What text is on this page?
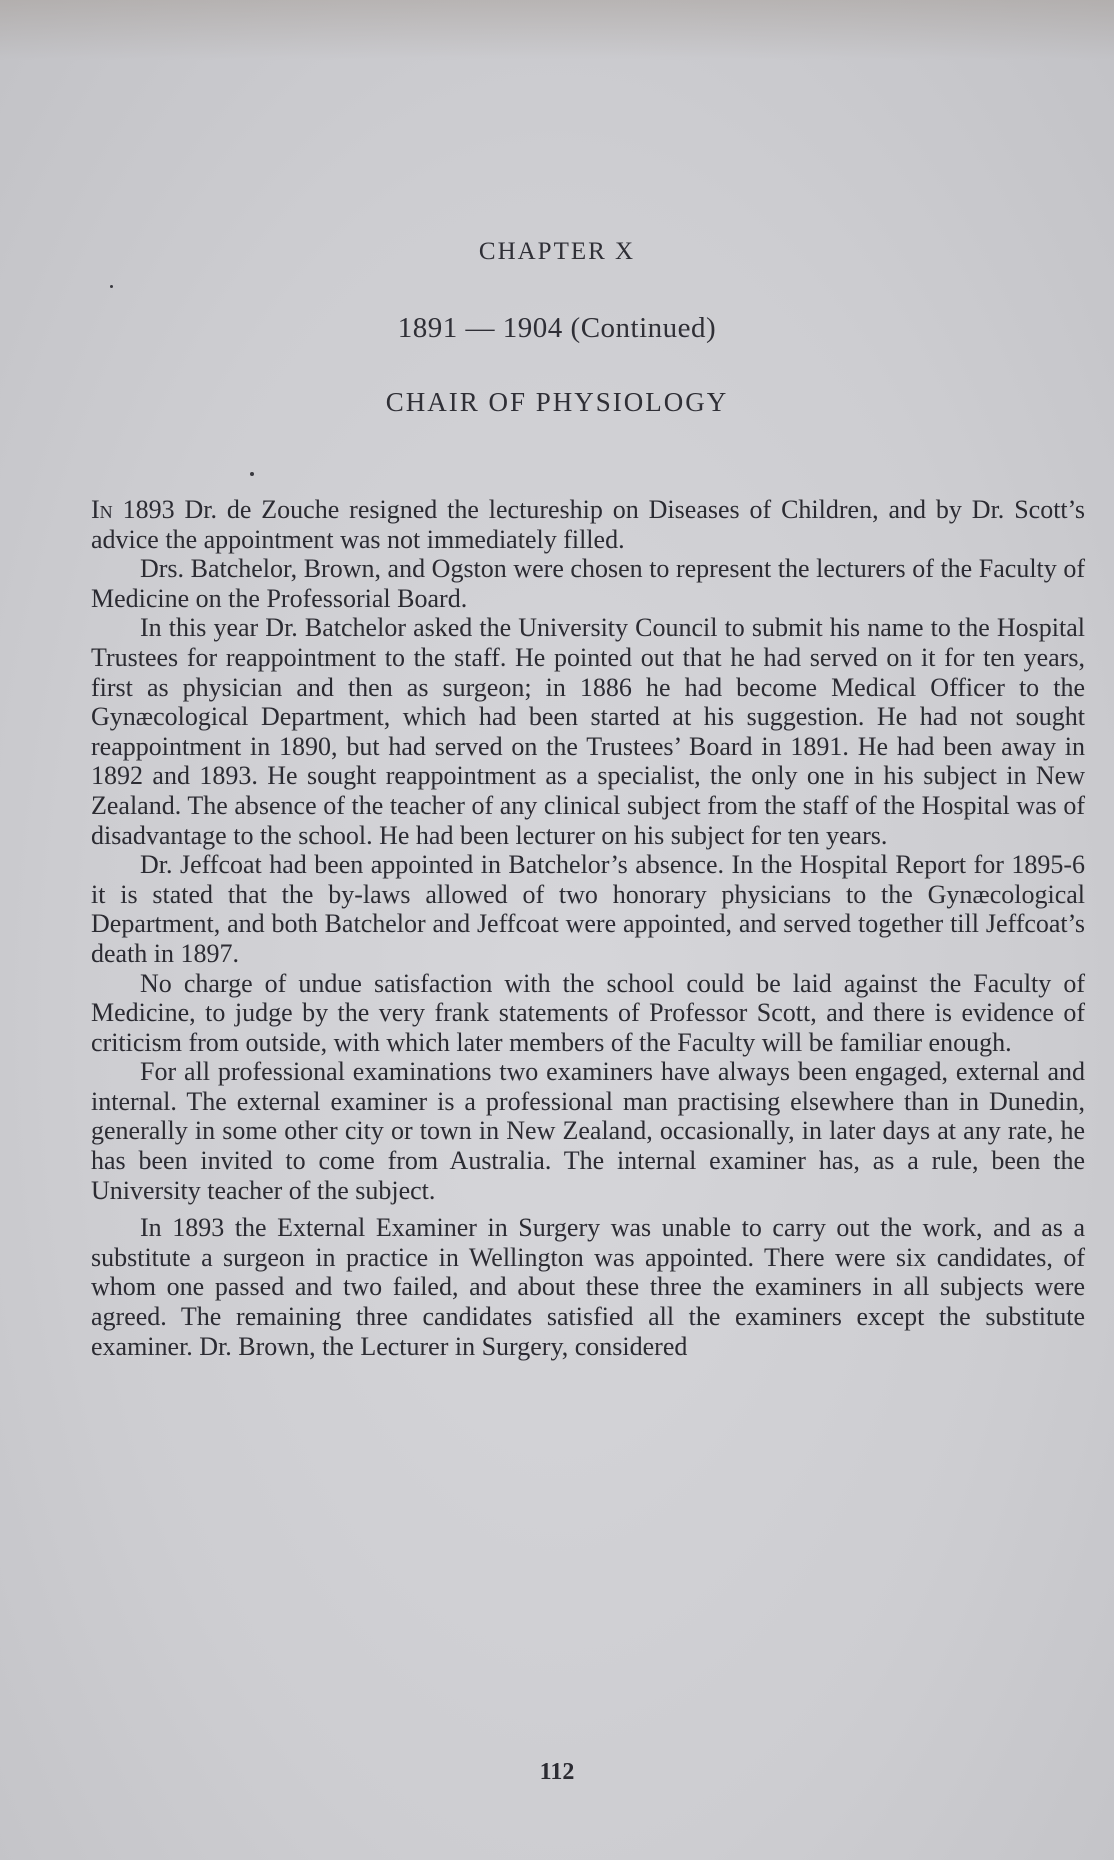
CHAPTER X
1891 — 1904 (Continued)
CHAIR OF PHYSIOLOGY

In 1893 Dr. de Zouche resigned the lectureship on Diseases of Children, and by Dr. Scott’s advice the appointment was not immediately filled.

Drs. Batchelor, Brown, and Ogston were chosen to represent the lecturers of the Faculty of Medicine on the Professorial Board.

In this year Dr. Batchelor asked the University Council to submit his name to the Hospital Trustees for reappointment to the staff. He pointed out that he had served on it for ten years, first as physician and then as surgeon; in 1886 he had become Medical Officer to the Gynæcological Department, which had been started at his suggestion. He had not sought reappointment in 1890, but had served on the Trustees’ Board in 1891. He had been away in 1892 and 1893. He sought reappointment as a specialist, the only one in his subject in New Zealand. The absence of the teacher of any clinical subject from the staff of the Hospital was of disadvantage to the school. He had been lecturer on his subject for ten years.

Dr. Jeffcoat had been appointed in Batchelor’s absence. In the Hospital Report for 1895-6 it is stated that the by-laws allowed of two honorary physicians to the Gynæcological Department, and both Batchelor and Jeffcoat were appointed, and served together till Jeffcoat’s death in 1897.

No charge of undue satisfaction with the school could be laid against the Faculty of Medicine, to judge by the very frank statements of Professor Scott, and there is evidence of criticism from outside, with which later members of the Faculty will be familiar enough.

For all professional examinations two examiners have always been engaged, external and internal. The external examiner is a professional man practising elsewhere than in Dunedin, generally in some other city or town in New Zealand, occasionally, in later days at any rate, he has been invited to come from Australia. The internal examiner has, as a rule, been the University teacher of the subject.

In 1893 the External Examiner in Surgery was unable to carry out the work, and as a substitute a surgeon in practice in Wellington was appointed. There were six candidates, of whom one passed and two failed, and about these three the examiners in all subjects were agreed. The remaining three candidates satisfied all the examiners except the substitute examiner. Dr. Brown, the Lecturer in Surgery, considered

112
